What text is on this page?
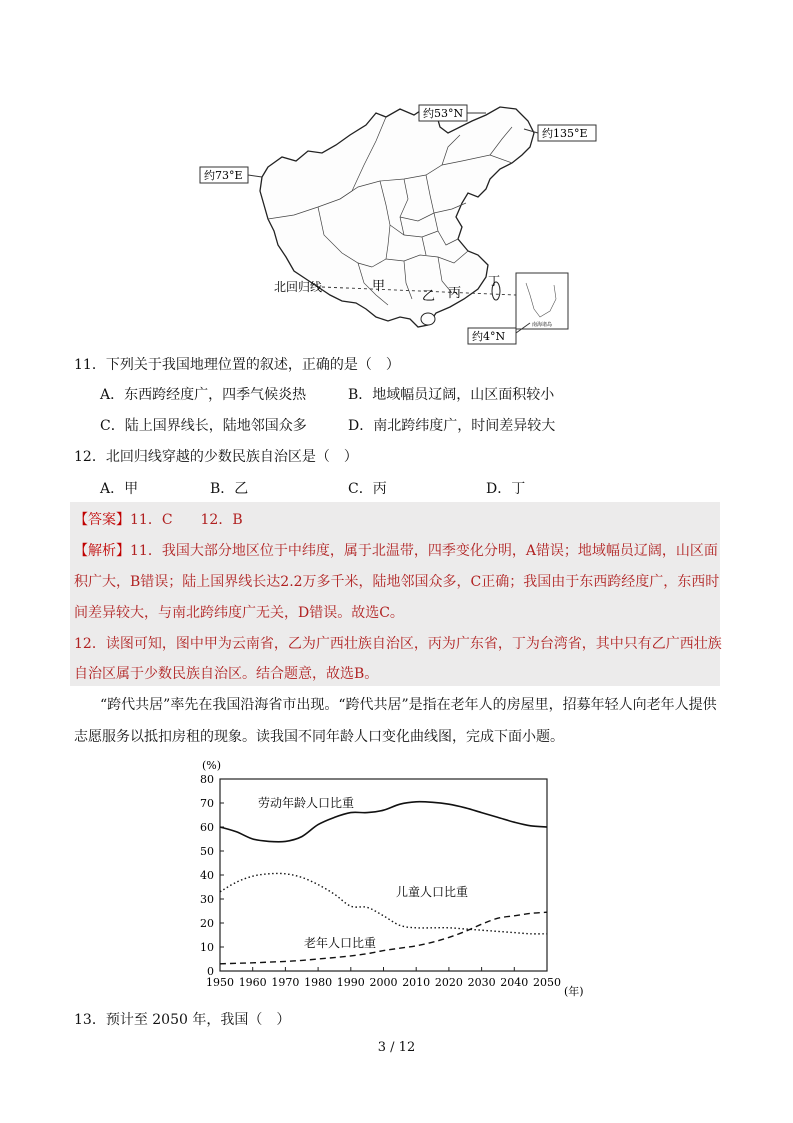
北回归线	甲
乙 丙
丁
南海诸岛
约53°N
约135°E
约73°E
约4°N
11．下列关于我国地理位置的叙述，正确的是（　）
A．东西跨经度广，四季气候炎热	B．地域幅员辽阔，山区面积较小
C．陆上国界线长，陆地邻国众多	D．南北跨纬度广，时间差异较大
12．北回归线穿越的少数民族自治区是（　）
A．甲	B．乙	C．丙	D．丁
【答案】11．C　　12．B
【解析】11．我国大部分地区位于中纬度，属于北温带，四季变化分明，A错误；地域幅员辽阔，山区面
积广大，B错误；陆上国界线长达2.2万多千米，陆地邻国众多，C正确；我国由于东西跨经度广，东西时
间差异较大，与南北跨纬度广无关，D错误。故选C。
12．读图可知，图中甲为云南省，乙为广西壮族自治区，丙为广东省，丁为台湾省，其中只有乙广西壮族
自治区属于少数民族自治区。结合题意，故选B。
“跨代共居”率先在我国沿海省市出现。“跨代共居”是指在老年人的房屋里，招募年轻人向老年人提供
志愿服务以抵扣房租的现象。读我国不同年龄人口变化曲线图，完成下面小题。
(%)
(年)
0
10
20
30
40
50
60
70
80
1950 1960 1970 1980 1990 2000 2010 2020 2030 2040 2050
劳动年龄人口比重
儿童人口比重
老年人口比重
13．预计至 2050 年，我国（　）
3 / 12
